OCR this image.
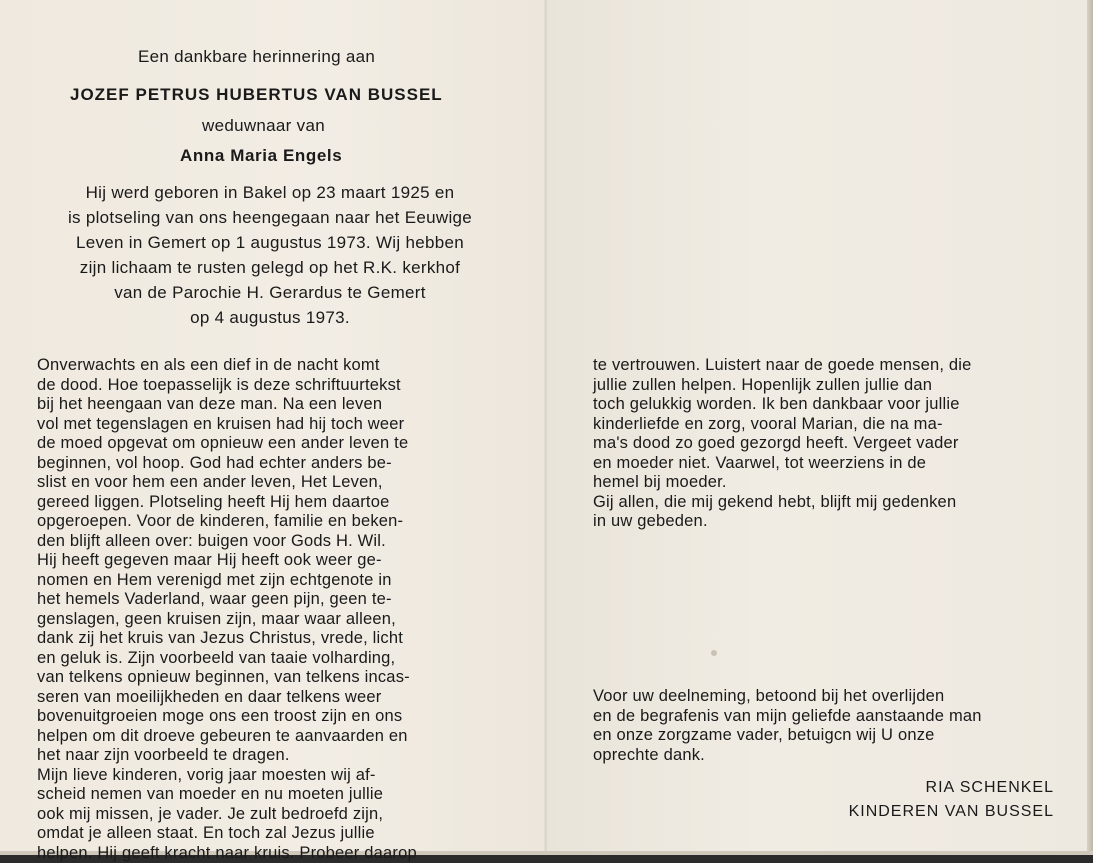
Een dankbare herinnering aan
JOZEF PETRUS HUBERTUS VAN BUSSEL
weduwnaar van
Anna Maria Engels
Hij werd geboren in Bakel op 23 maart 1925 en
is plotseling van ons heengegaan naar het Eeuwige
Leven in Gemert op 1 augustus 1973. Wij hebben
zijn lichaam te rusten gelegd op het R.K. kerkhof
van de Parochie H. Gerardus te Gemert
op 4 augustus 1973.
Onverwachts en als een dief in de nacht komt
de dood. Hoe toepasselijk is deze schriftuurtekst
bij het heengaan van deze man. Na een leven
vol met tegenslagen en kruisen had hij toch weer
de moed opgevat om opnieuw een ander leven te
beginnen, vol hoop. God had echter anders be-
slist en voor hem een ander leven, Het Leven,
gereed liggen. Plotseling heeft Hij hem daartoe
opgeroepen. Voor de kinderen, familie en beken-
den blijft alleen over: buigen voor Gods H. Wil.
Hij heeft gegeven maar Hij heeft ook weer ge-
nomen en Hem verenigd met zijn echtgenote in
het hemels Vaderland, waar geen pijn, geen te-
genslagen, geen kruisen zijn, maar waar alleen,
dank zij het kruis van Jezus Christus, vrede, licht
en geluk is. Zijn voorbeeld van taaie volharding,
van telkens opnieuw beginnen, van telkens incas-
seren van moeilijkheden en daar telkens weer
bovenuitgroeien moge ons een troost zijn en ons
helpen om dit droeve gebeuren te aanvaarden en
het naar zijn voorbeeld te dragen.
Mijn lieve kinderen, vorig jaar moesten wij af-
scheid nemen van moeder en nu moeten jullie
ook mij missen, je vader. Je zult bedroefd zijn,
omdat je alleen staat. En toch zal Jezus jullie
helpen. Hij geeft kracht naar kruis. Probeer daarop
te vertrouwen. Luistert naar de goede mensen, die
jullie zullen helpen. Hopenlijk zullen jullie dan
toch gelukkig worden. Ik ben dankbaar voor jullie
kinderliefde en zorg, vooral Marian, die na ma-
ma's dood zo goed gezorgd heeft. Vergeet vader
en moeder niet. Vaarwel, tot weerziens in de
hemel bij moeder.
Gij allen, die mij gekend hebt, blijft mij gedenken
in uw gebeden.
Voor uw deelneming, betoond bij het overlijden
en de begrafenis van mijn geliefde aanstaande man
en onze zorgzame vader, betuigcn wij U onze
oprechte dank.
RIA SCHENKEL
KINDEREN VAN BUSSEL
